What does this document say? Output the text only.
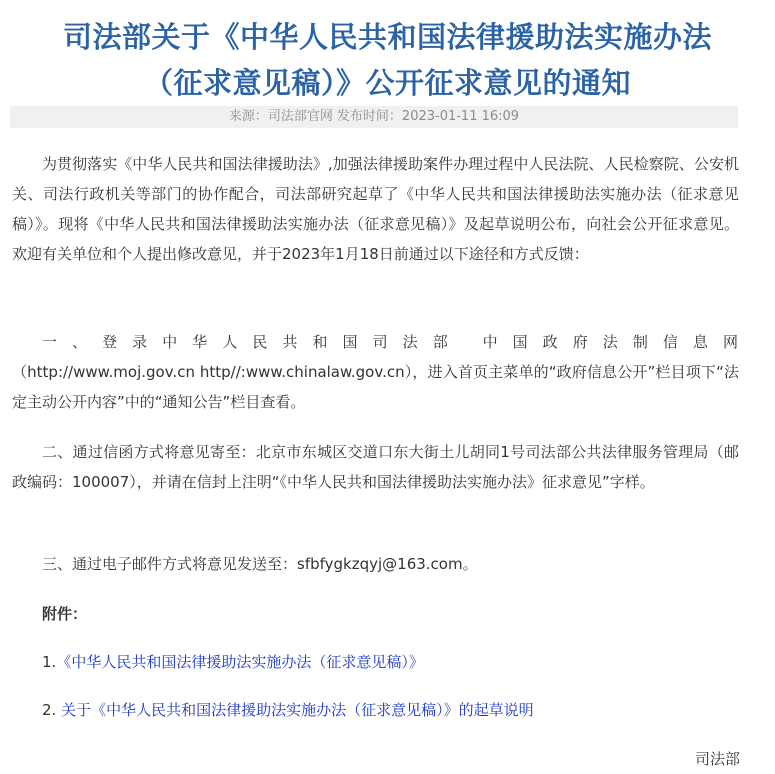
司法部关于《中华人民共和国法律援助法实施办法
（征求意见稿）》公开征求意见的通知
来源：司法部官网 发布时间：2023-01-11 16:09
为贯彻落实《中华人民共和国法律援助法》,加强法律援助案件办理过程中人民法院、人民检察院、公安机关、司法行政机关等部门的协作配合，司法部研究起草了《中华人民共和国法律援助法实施办法（征求意见稿）》。现将《中华人民共和国法律援助法实施办法（征求意见稿）》及起草说明公布，向社会公开征求意见。欢迎有关单位和个人提出修改意见，并于2023年1月18日前通过以下途径和方式反馈：
一、登录中华人民共和国司法部 中国政府法制信息网
（http://www.moj.gov.cn http//:www.chinalaw.gov.cn），进入首页主菜单的“政府信息公开”栏目项下“法定主动公开内容”中的“通知公告”栏目查看。
二、通过信函方式将意见寄至：北京市东城区交道口东大街土儿胡同1号司法部公共法律服务管理局（邮政编码：100007），并请在信封上注明“《中华人民共和国法律援助法实施办法》征求意见”字样。
三、通过电子邮件方式将意见发送至：sfbfygkzqyj@163.com。
附件：
1.《中华人民共和国法律援助法实施办法（征求意见稿）》
2. 关于《中华人民共和国法律援助法实施办法（征求意见稿）》的起草说明
司法部
